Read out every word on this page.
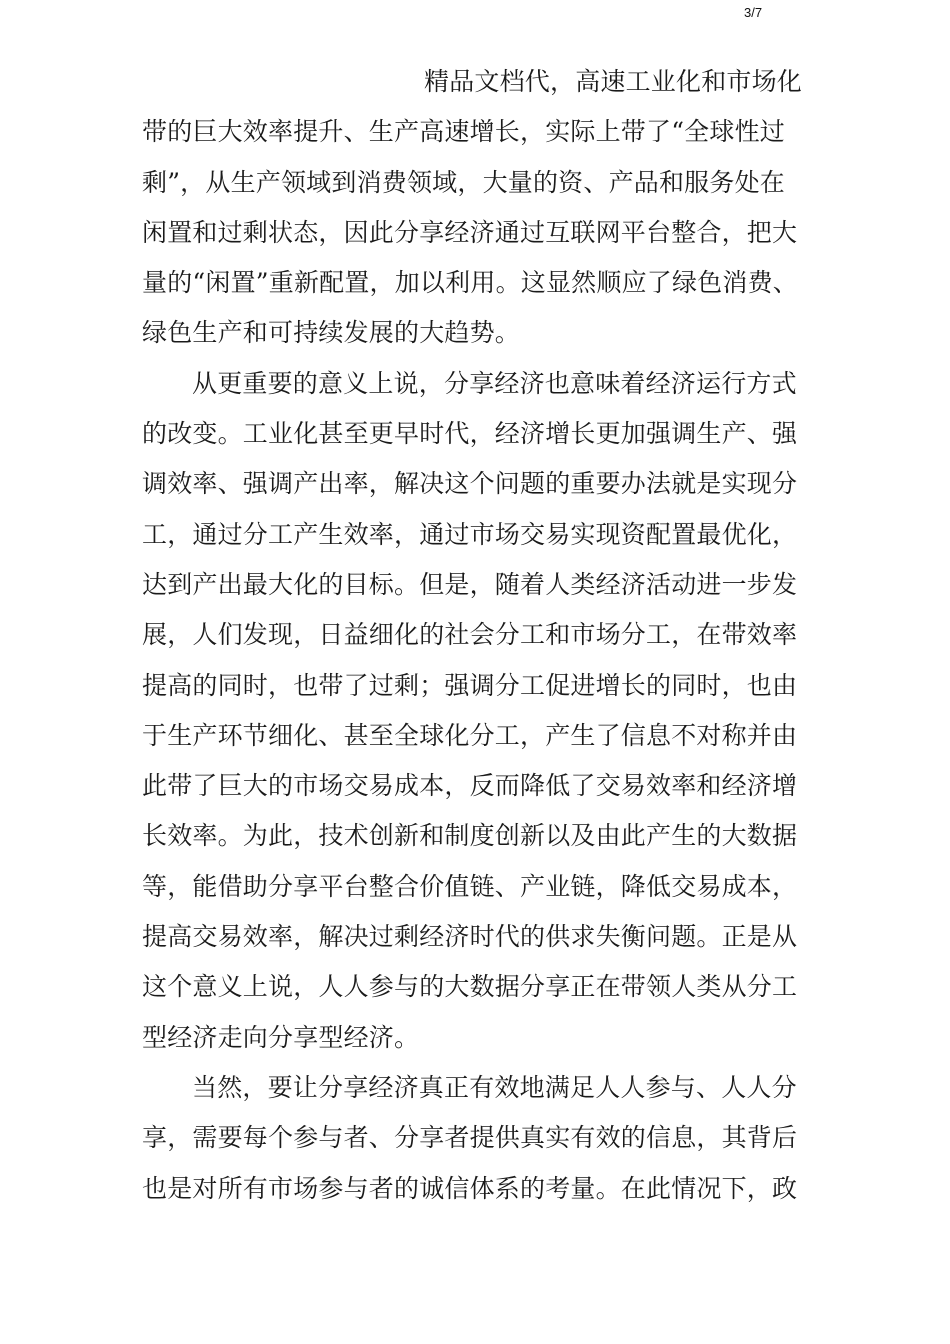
3/7
精品文档代，高速工业化和市场化
带的巨大效率提升、生产高速增长，实际上带了“全球性过
剩”，从生产领域到消费领域，大量的资、产品和服务处在
闲置和过剩状态，因此分享经济通过互联网平台整合，把大
量的“闲置”重新配置，加以利用。这显然顺应了绿色消费、
绿色生产和可持续发展的大趋势。
从更重要的意义上说，分享经济也意味着经济运行方式
的改变。工业化甚至更早时代，经济增长更加强调生产、强
调效率、强调产出率，解决这个问题的重要办法就是实现分
工，通过分工产生效率，通过市场交易实现资配置最优化，
达到产出最大化的目标。但是，随着人类经济活动进一步发
展，人们发现，日益细化的社会分工和市场分工，在带效率
提高的同时，也带了过剩；强调分工促进增长的同时，也由
于生产环节细化、甚至全球化分工，产生了信息不对称并由
此带了巨大的市场交易成本，反而降低了交易效率和经济增
长效率。为此，技术创新和制度创新以及由此产生的大数据
等，能借助分享平台整合价值链、产业链，降低交易成本，
提高交易效率，解决过剩经济时代的供求失衡问题。正是从
这个意义上说，人人参与的大数据分享正在带领人类从分工
型经济走向分享型经济。
当然，要让分享经济真正有效地满足人人参与、人人分
享，需要每个参与者、分享者提供真实有效的信息，其背后
也是对所有市场参与者的诚信体系的考量。在此情况下，政
